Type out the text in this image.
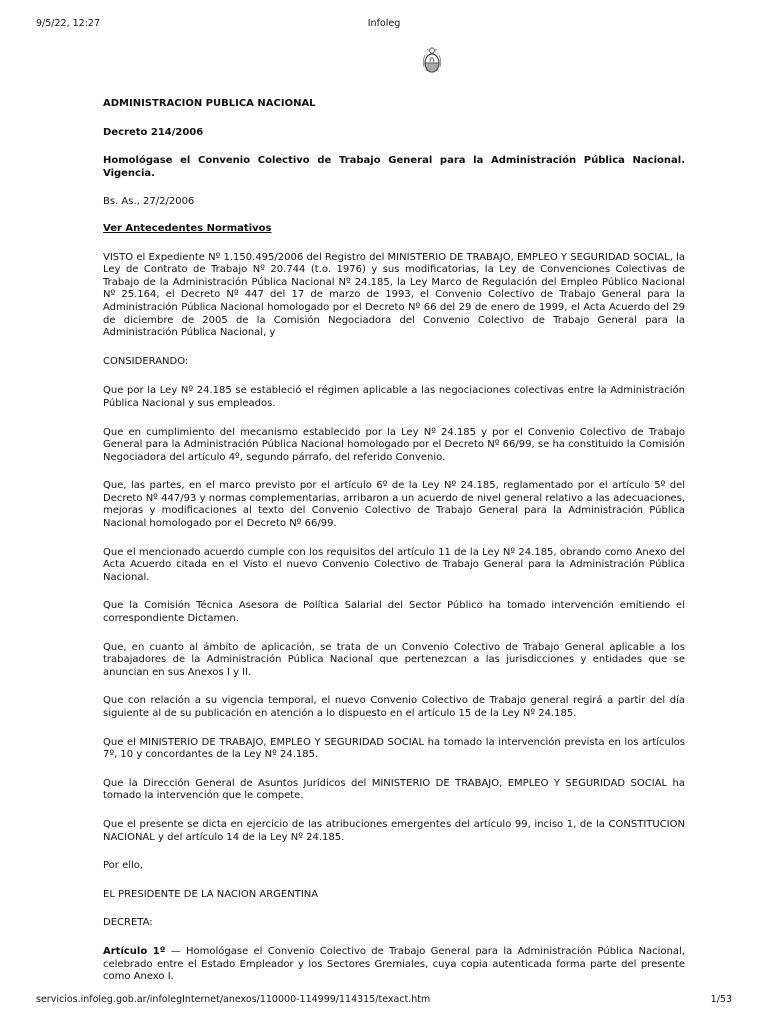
9/5/22, 12:27	Infoleg

ADMINISTRACION PUBLICA NACIONAL

Decreto 214/2006

Homológase el Convenio Colectivo de Trabajo General para la Administración Pública Nacional. Vigencia.

Bs. As., 27/2/2006

Ver Antecedentes Normativos

VISTO el Expediente Nº 1.150.495/2006 del Registro del MINISTERIO DE TRABAJO, EMPLEO Y SEGURIDAD SOCIAL, la Ley de Contrato de Trabajo Nº 20.744 (t.o. 1976) y sus modificatorias, la Ley de Convenciones Colectivas de Trabajo de la Administración Pública Nacional Nº 24.185, la Ley Marco de Regulación del Empleo Público Nacional Nº 25.164, el Decreto Nº 447 del 17 de marzo de 1993, el Convenio Colectivo de Trabajo General para la Administración Pública Nacional homologado por el Decreto Nº 66 del 29 de enero de 1999, el Acta Acuerdo del 29 de diciembre de 2005 de la Comisión Negociadora del Convenio Colectivo de Trabajo General para la Administración Pública Nacional, y

CONSIDERANDO:

Que por la Ley Nº 24.185 se estableció el régimen aplicable a las negociaciones colectivas entre la Administración Pública Nacional y sus empleados.

Que en cumplimiento del mecanismo establecido por la Ley Nº 24.185 y por el Convenio Colectivo de Trabajo General para la Administración Pública Nacional homologado por el Decreto Nº 66/99, se ha constituido la Comisión Negociadora del artículo 4º, segundo párrafo, del referido Convenio.

Que, las partes, en el marco previsto por el artículo 6º de la Ley Nº 24.185, reglamentado por el artículo 5º del Decreto Nº 447/93 y normas complementarias, arribaron a un acuerdo de nivel general relativo a las adecuaciones, mejoras y modificaciones al texto del Convenio Colectivo de Trabajo General para la Administración Pública Nacional homologado por el Decreto Nº 66/99.

Que el mencionado acuerdo cumple con los requisitos del artículo 11 de la Ley Nº 24.185, obrando como Anexo del Acta Acuerdo citada en el Visto el nuevo Convenio Colectivo de Trabajo General para la Administración Pública Nacional.

Que la Comisión Técnica Asesora de Política Salarial del Sector Público ha tomado intervención emitiendo el correspondiente Dictamen.

Que, en cuanto al ámbito de aplicación, se trata de un Convenio Colectivo de Trabajo General aplicable a los trabajadores de la Administración Pública Nacional que pertenezcan a las jurisdicciones y entidades que se anuncian en sus Anexos I y II.

Que con relación a su vigencia temporal, el nuevo Convenio Colectivo de Trabajo general regirá a partir del día siguiente al de su publicación en atención a lo dispuesto en el artículo 15 de la Ley Nº 24.185.

Que el MINISTERIO DE TRABAJO, EMPLEO Y SEGURIDAD SOCIAL ha tomado la intervención prevista en los artículos 7º, 10 y concordantes de la Ley Nº 24.185.

Que la Dirección General de Asuntos Jurídicos del MINISTERIO DE TRABAJO, EMPLEO Y SEGURIDAD SOCIAL ha tomado la intervención que le compete.

Que el presente se dicta en ejercicio de las atribuciones emergentes del artículo 99, inciso 1, de la CONSTITUCION NACIONAL y del artículo 14 de la Ley Nº 24.185.

Por ello,

EL PRESIDENTE DE LA NACION ARGENTINA

DECRETA:

Artículo 1º — Homológase el Convenio Colectivo de Trabajo General para la Administración Pública Nacional, celebrado entre el Estado Empleador y los Sectores Gremiales, cuya copia autenticada forma parte del presente como Anexo I.

servicios.infoleg.gob.ar/infolegInternet/anexos/110000-114999/114315/texact.htm	1/53
